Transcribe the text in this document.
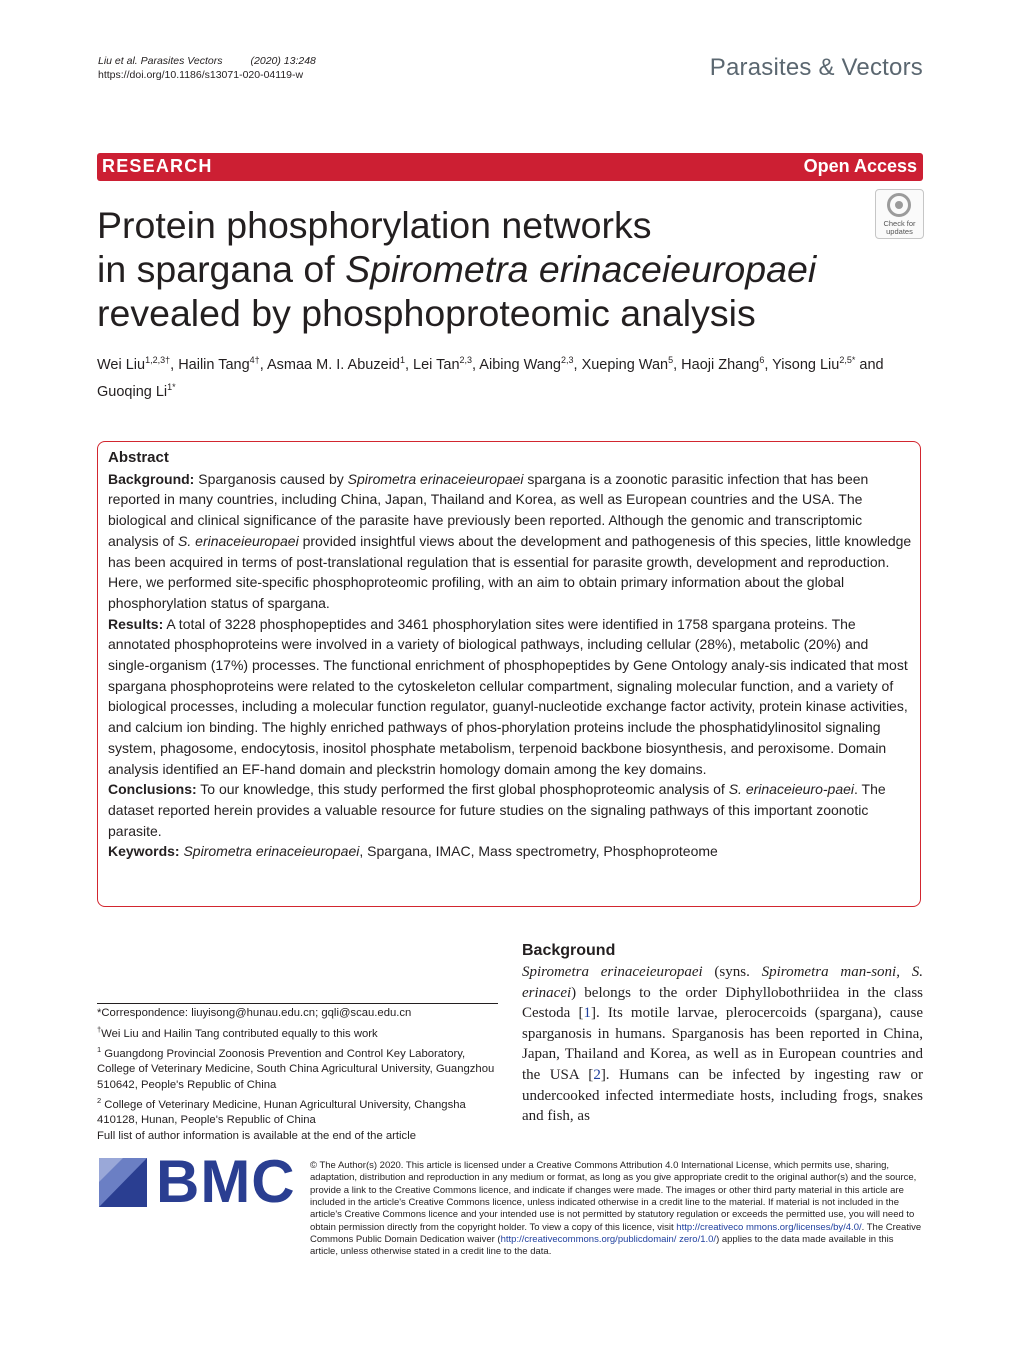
Liu et al. Parasites Vectors	(2020) 13:248
https://doi.org/10.1186/s13071-020-04119-w	Parasites & Vectors
RESEARCH	Open Access
Protein phosphorylation networks
in spargana of Spirometra erinaceieuropaei
revealed by phosphoproteomic analysis
Check for
updates
Wei Liu$^{1,2,3\dagger}$, Hailin Tang$^{4\dagger}$, Asmaa M. I. Abuzeid$^1$, Lei Tan$^{2,3}$, Aibing Wang$^{2,3}$, Xueping Wan$^5$, Haoji Zhang$^6$, Yisong Liu$^{2,5*}$ and Guoqing $Li^{1*}$
Abstract

Background: Sparganosis caused by Spirometra erinaceieuropaei spargana is a zoonotic parasitic infection that has been reported in many countries, including China, Japan, Thailand and Korea, as well as European countries and the USA. The biological and clinical significance of the parasite have previously been reported. Although the genomic and transcriptomic analysis of S. erinaceieuropaei provided insightful views about the development and pathogenesis of this species, little knowledge has been acquired in terms of post-translational regulation that is essential for parasite growth, development and reproduction. Here, we performed site-specific phosphoproteomic profiling, with an aim to obtain primary information about the global phosphorylation status of spargana.

Results: A total of 3228 phosphopeptides and 3461 phosphorylation sites were identified in 1758 spargana proteins. The annotated phosphoproteins were involved in a variety of biological pathways, including cellular (28%), metabolic (20%) and single-organism (17%) processes. The functional enrichment of phosphopeptides by Gene Ontology analy-sis indicated that most spargana phosphoproteins were related to the cytoskeleton cellular compartment, signaling molecular function, and a variety of biological processes, including a molecular function regulator, guanyl-nucleotide exchange factor activity, protein kinase activities, and calcium ion binding. The highly enriched pathways of phos-phorylation proteins include the phosphatidylinositol signaling system, phagosome, endocytosis, inositol phosphate metabolism, terpenoid backbone biosynthesis, and peroxisome. Domain analysis identified an EF-hand domain and pleckstrin homology domain among the key domains.

Conclusions: To our knowledge, this study performed the first global phosphoproteomic analysis of S. erinaceieuro-paei. The dataset reported herein provides a valuable resource for future studies on the signaling pathways of this important zoonotic parasite.

Keywords: Spirometra erinaceieuropaei, Spargana, IMAC, Mass spectrometry, Phosphoproteome

*Correspondence: liuyisong@hunau.edu.cn; gqli@scau.edu.cn

†Wei Liu and Hailin Tang contributed equally to this work

$^1$ Guangdong Provincial Zoonosis Prevention and Control Key Laboratory, College of Veterinary Medicine, South China Agricultural University, Guangzhou 510642, People's Republic of China

$^2$ College of Veterinary Medicine, Hunan Agricultural University, Changsha 410128, Hunan, People's Republic of China

Full list of author information is available at the end of the article

Background
Spirometra erinaceieuropaei (syns. Spirometra man-soni, S. erinacei) belongs to the order Diphyllobothriidea in the class Cestoda [1]. Its motile larvae, plerocercoids (spargana), cause sparganosis in humans. Sparganosis has been reported in China, Japan, Thailand and Korea, as well as in European countries and the USA [2]. Humans can be infected by ingesting raw or undercooked infected intermediate hosts, including frogs, snakes and fish, as
BMC © The Author(s) 2020. This article is licensed under a Creative Commons Attribution 4.0 International License, which permits use, sharing, adaptation, distribution and reproduction in any medium or format, as long as you give appropriate credit to the original author(s) and the source, provide a link to the Creative Commons licence, and indicate if changes were made. The images or other third party material in this article are included in the article's Creative Commons licence, unless indicated otherwise in a credit line to the material. If material is not included in the article's Creative Commons licence and your intended use is not permitted by statutory regulation or exceeds the permitted use, you will need to obtain permission directly from the copyright holder. To view a copy of this licence, visit http://creativeco mmons.org/licenses/by/4.0/. The Creative Commons Public Domain Dedication waiver (http://creativecommons.org/publicdomain/ zero/1.0/) applies to the data made available in this article, unless otherwise stated in a credit line to the data.
